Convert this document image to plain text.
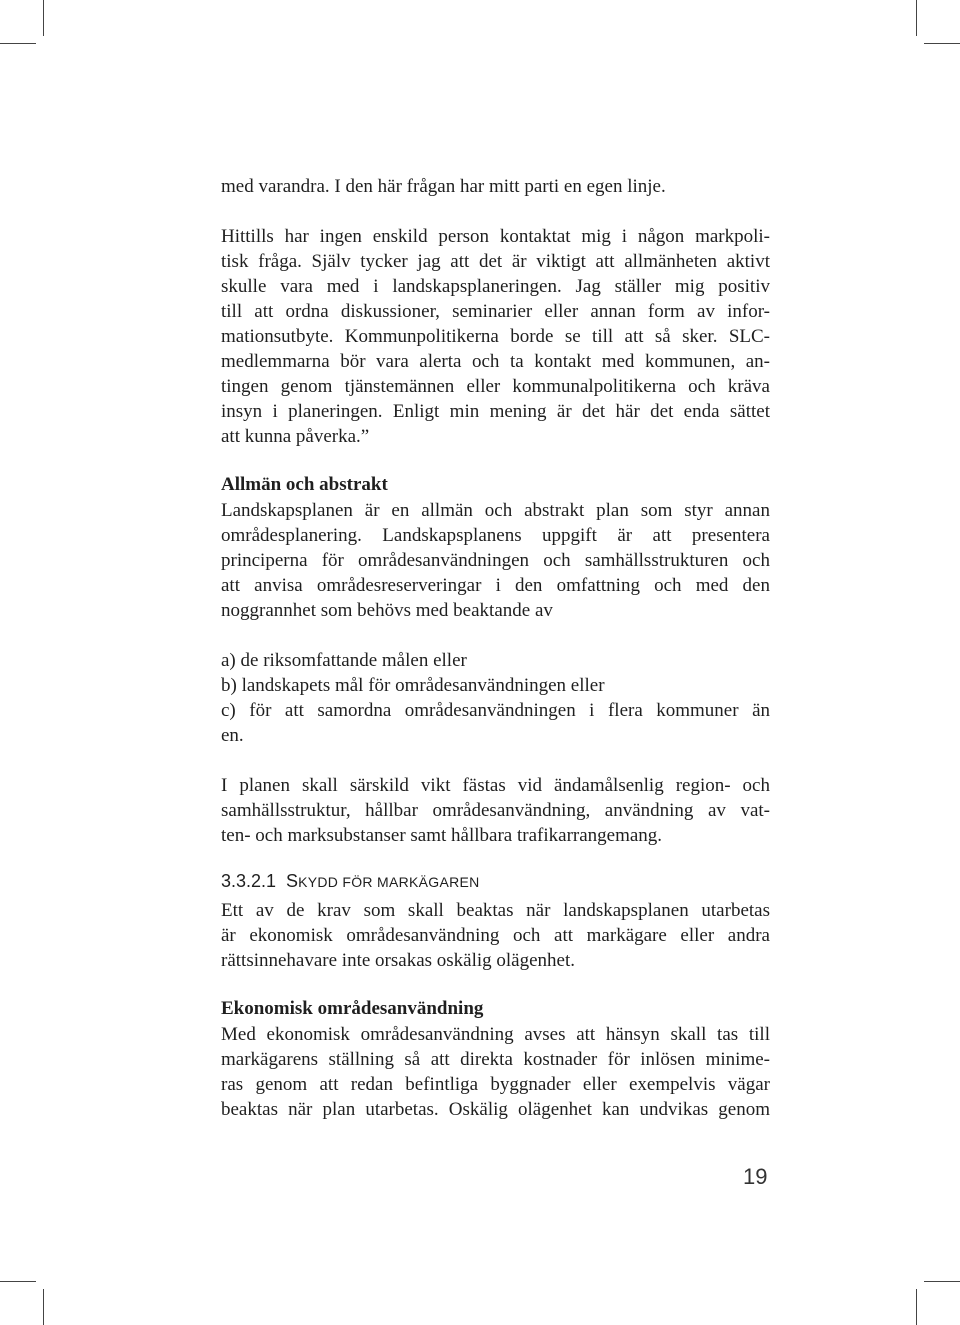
med varandra. I den här frågan har mitt parti en egen linje.

Hittills har ingen enskild person kontaktat mig i någon markpoli-

tisk fråga. Själv tycker jag att det är viktigt att allmänheten aktivt

skulle vara med i landskapsplaneringen. Jag ställer mig positiv

till att ordna diskussioner, seminarier eller annan form av infor-

mationsutbyte. Kommunpolitikerna borde se till att så sker. SLC-

medlemmarna bör vara alerta och ta kontakt med kommunen, an-

tingen genom tjänstemännen eller kommunalpolitikerna och kräva

insyn i planeringen. Enligt min mening är det här det enda sättet

att kunna påverka.”

Allmän och abstrakt

Landskapsplanen är en allmän och abstrakt plan som styr annan

områdesplanering. Landskapsplanens uppgift är att presentera

principerna för områdesanvändningen och samhällsstrukturen och

att anvisa områdesreserveringar i den omfattning och med den

noggrannhet som behövs med beaktande av

a) de riksomfattande målen eller

b) landskapets mål för områdesanvändningen eller

c) för att samordna områdesanvändningen i flera kommuner än

en.

I planen skall särskild vikt fästas vid ändamålsenlig region- och

samhällsstruktur, hållbar områdesanvändning, användning av vat-

ten- och marksubstanser samt hållbara trafikarrangemang.

3.3.2.1 SKYDD FÖR MARKÄGAREN

Ett av de krav som skall beaktas när landskapsplanen utarbetas

är ekonomisk områdesanvändning och att markägare eller andra

rättsinnehavare inte orsakas oskälig olägenhet.

Ekonomisk områdesanvändning

Med ekonomisk områdesanvändning avses att hänsyn skall tas till

markägarens ställning så att direkta kostnader för inlösen minime-

ras genom att redan befintliga byggnader eller exempelvis vägar

beaktas när plan utarbetas. Oskälig olägenhet kan undvikas genom

19
